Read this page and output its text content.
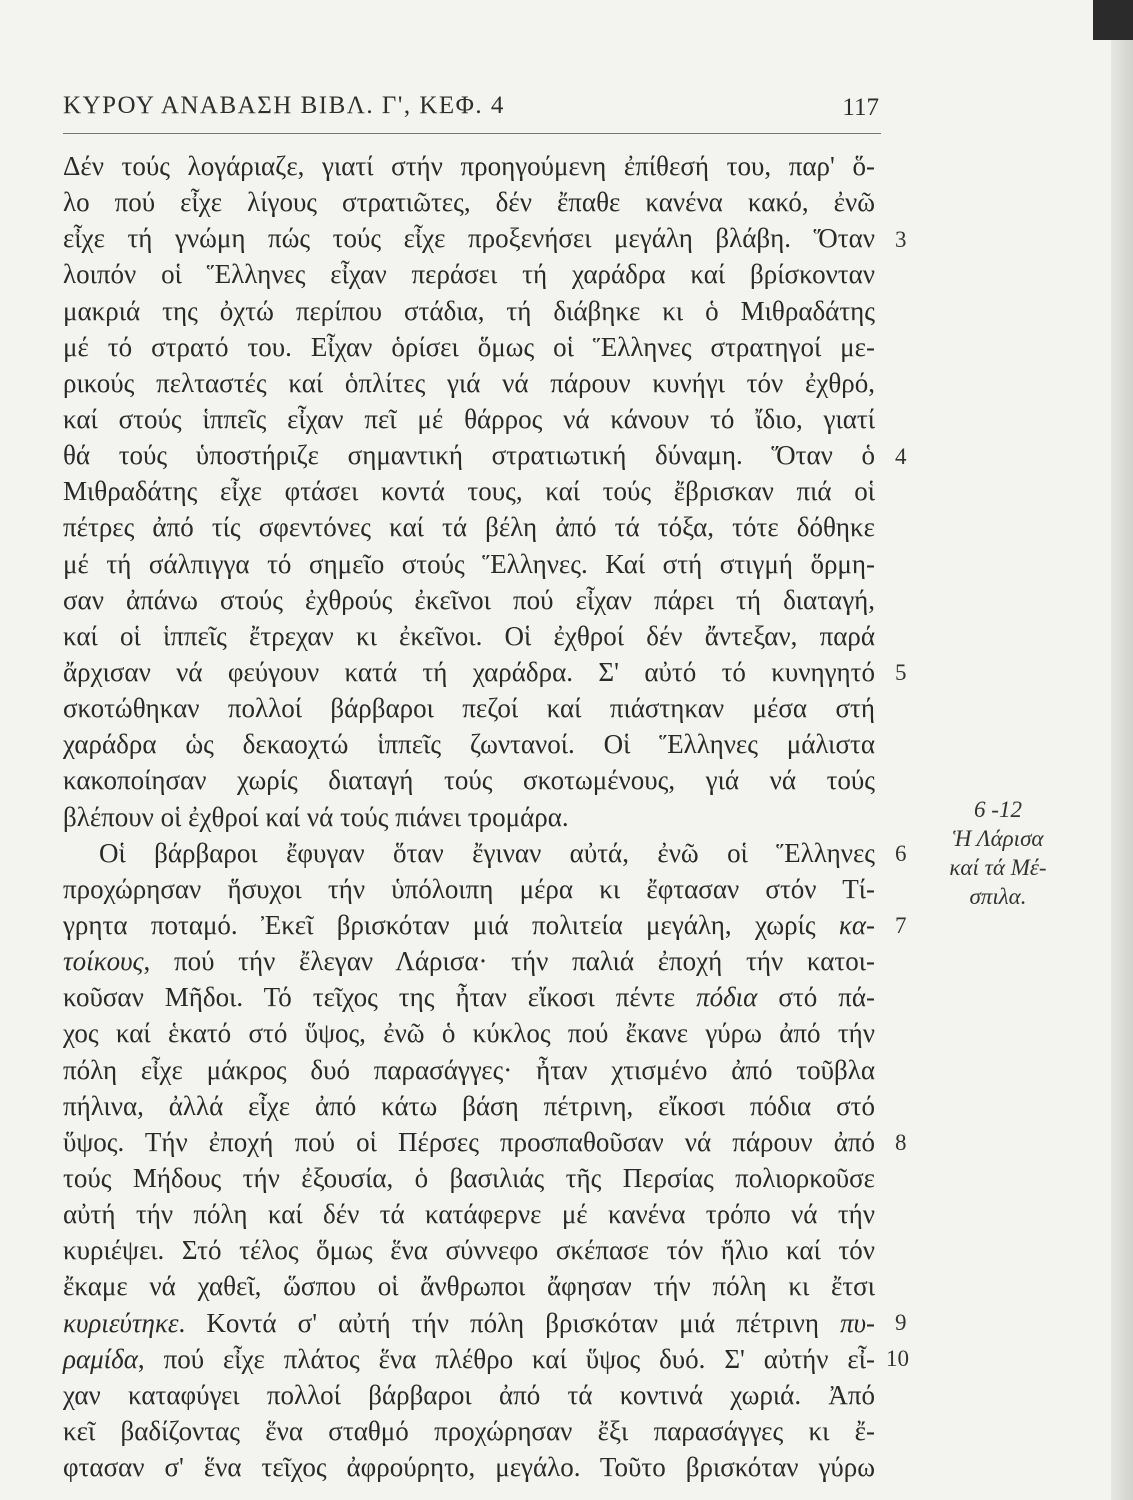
ΚΥΡΟΥ ΑΝΑΒΑΣΗ ΒΙΒΛ. Γ', ΚΕΦ. 4	117
Δέν τούς λογάριαζε, γιατί στήν προηγούμενη ἐπίθεσή του, παρ' ὅ-
λο πού εἶχε λίγους στρατιῶτες, δέν ἔπαθε κανένα κακό, ἐνῶ
εἶχε τή γνώμη πώς τούς εἶχε προξενήσει μεγάλη βλάβη. Ὅταν
λοιπόν οἱ Ἕλληνες εἶχαν περάσει τή χαράδρα καί βρίσκονταν
μακριά της ὀχτώ περίπου στάδια, τή διάβηκε κι ὁ Μιθραδάτης
μέ τό στρατό του. Εἶχαν ὁρίσει ὅμως οἱ Ἕλληνες στρατηγοί με-
ρικούς πελταστές καί ὁπλίτες γιά νά πάρουν κυνήγι τόν ἐχθρό,
καί στούς ἱππεῖς εἶχαν πεῖ μέ θάρρος νά κάνουν τό ἴδιο, γιατί
θά τούς ὑποστήριζε σημαντική στρατιωτική δύναμη. Ὅταν ὁ
Μιθραδάτης εἶχε φτάσει κοντά τους, καί τούς ἔβρισκαν πιά οἱ
πέτρες ἀπό τίς σφεντόνες καί τά βέλη ἀπό τά τόξα, τότε δόθηκε
μέ τή σάλπιγγα τό σημεῖο στούς Ἕλληνες. Καί στή στιγμή ὅρμη-
σαν ἀπάνω στούς ἐχθρούς ἐκεῖνοι πού εἶχαν πάρει τή διαταγή,
καί οἱ ἱππεῖς ἔτρεχαν κι ἐκεῖνοι. Οἱ ἐχθροί δέν ἄντεξαν, παρά
ἄρχισαν νά φεύγουν κατά τή χαράδρα. Σ' αὐτό τό κυνηγητό
σκοτώθηκαν πολλοί βάρβαροι πεζοί καί πιάστηκαν μέσα στή
χαράδρα ὡς δεκαοχτώ ἱππεῖς ζωντανοί. Οἱ Ἕλληνες μάλιστα
κακοποίησαν χωρίς διαταγή τούς σκοτωμένους, γιά νά τούς
βλέπουν οἱ ἐχθροί καί νά τούς πιάνει τρομάρα.
Οἱ βάρβαροι ἔφυγαν ὅταν ἔγιναν αὐτά, ἐνῶ οἱ Ἕλληνες
προχώρησαν ἥσυχοι τήν ὑπόλοιπη μέρα κι ἔφτασαν στόν Τί-
γρητα ποταμό. Ἐκεῖ βρισκόταν μιά πολιτεία μεγάλη, χωρίς κα-
τοίκους, πού τήν ἔλεγαν Λάρισα· τήν παλιά ἐποχή τήν κατοι-
κοῦσαν Μῆδοι. Τό τεῖχος της ἦταν εἴκοσι πέντε πόδια στό πά-
χος καί ἑκατό στό ὕψος, ἐνῶ ὁ κύκλος πού ἔκανε γύρω ἀπό τήν
πόλη εἶχε μάκρος δυό παρασάγγες· ἦταν χτισμένο ἀπό τοῦβλα
πήλινα, ἀλλά εἶχε ἀπό κάτω βάση πέτρινη, εἴκοσι πόδια στό
ὕψος. Τήν ἐποχή πού οἱ Πέρσες προσπαθοῦσαν νά πάρουν ἀπό
τούς Μήδους τήν ἐξουσία, ὁ βασιλιάς τῆς Περσίας πολιορκοῦσε
αὐτή τήν πόλη καί δέν τά κατάφερνε μέ κανένα τρόπο νά τήν
κυριέψει. Στό τέλος ὅμως ἕνα σύννεφο σκέπασε τόν ἥλιο καί τόν
ἔκαμε νά χαθεῖ, ὥσπου οἱ ἄνθρωποι ἄφησαν τήν πόλη κι ἔτσι
κυριεύτηκε. Κοντά σ' αὐτή τήν πόλη βρισκόταν μιά πέτρινη πυ-
ραμίδα, πού εἶχε πλάτος ἕνα πλέθρο καί ὕψος δυό. Σ' αὐτήν εἶ-
χαν καταφύγει πολλοί βάρβαροι ἀπό τά κοντινά χωριά. Ἀπό
κεῖ βαδίζοντας ἕνα σταθμό προχώρησαν ἔξι παρασάγγες κι ἔ-
φτασαν σ' ἕνα τεῖχος ἀφρούρητο, μεγάλο. Τοῦτο βρισκόταν γύρω
3
4
5
6
7
8
9
10
6 -12
Ἡ Λάρισα
καί τά Μέ-
σπιλα.
